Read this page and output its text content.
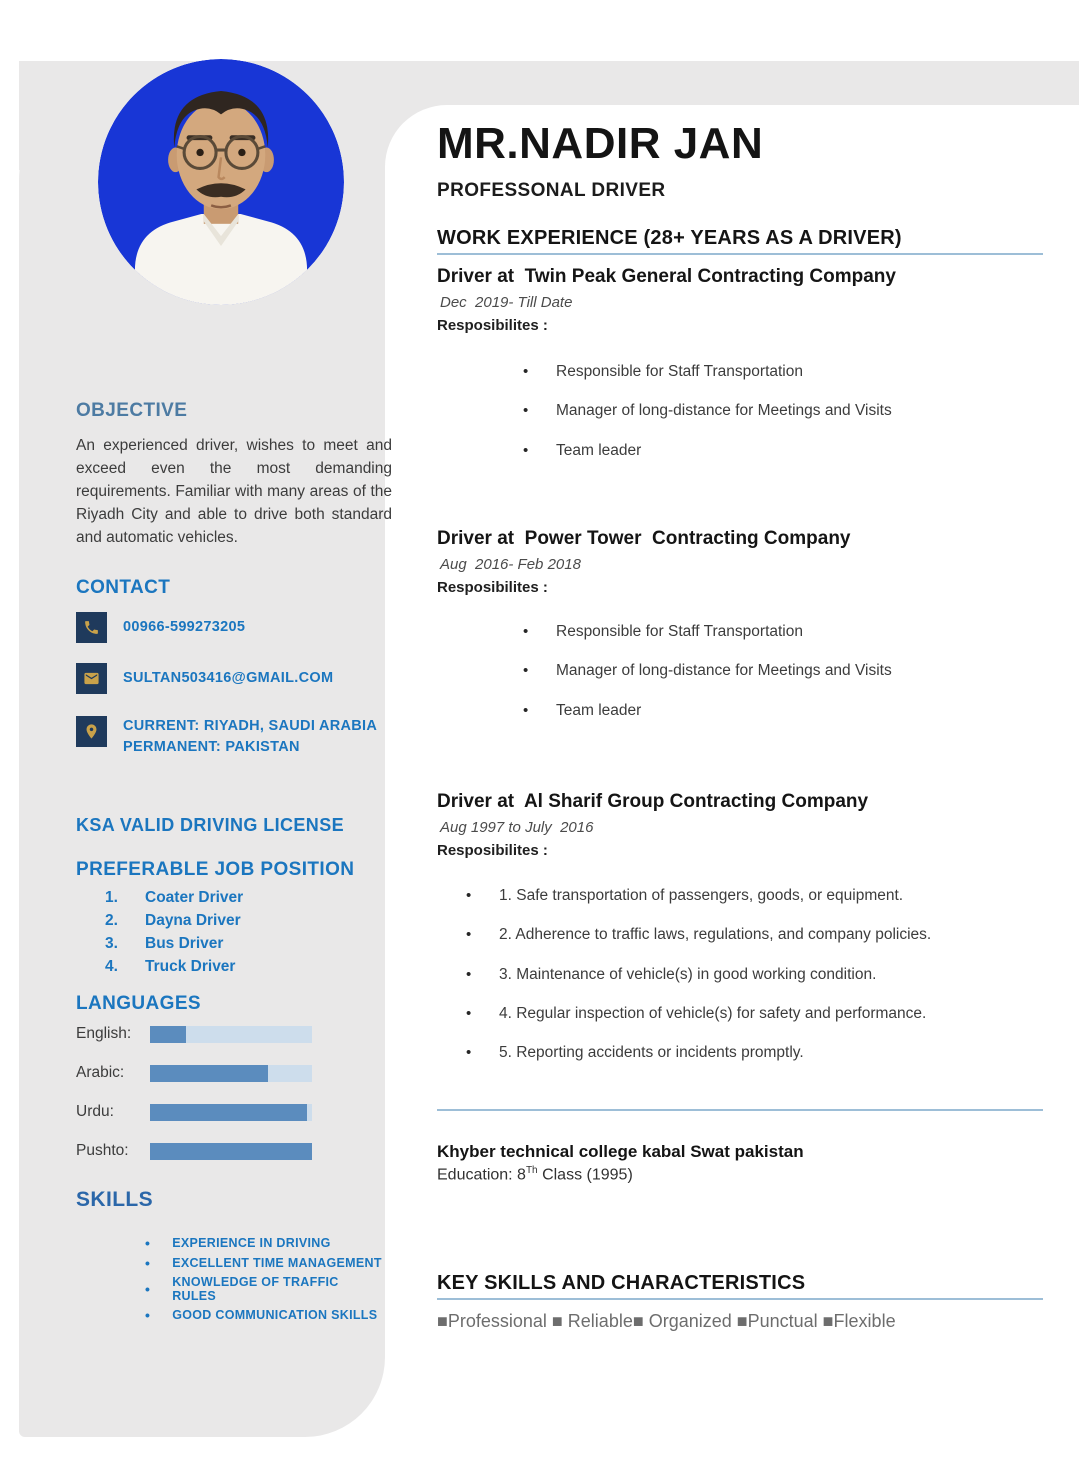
OBJECTIVE

An experienced driver, wishes to meet and exceed even the most demanding requirements. Familiar with many areas of the Riyadh City and able to drive both standard and automatic vehicles.

CONTACT
00966-599273205
SULTAN503416@GMAIL.COM
CURRENT: RIYADH, SAUDI ARABIA
PERMANENT: PAKISTAN
KSA VALID DRIVING LICENSE
PREFERABLE JOB POSITION
Coater Driver
Dayna Driver
Bus Driver
Truck Driver
LANGUAGES
English:
Arabic:
Urdu:
Pushto:
SKILLS
• EXPERIENCE IN DRIVING
• EXCELLENT TIME MANAGEMENT
• KNOWLEDGE OF TRAFFIC RULES
• GOOD COMMUNICATION SKILLS
MR.NADIR JAN
PROFESSONAL DRIVER
WORK EXPERIENCE (28+ YEARS AS A DRIVER)
Driver at  Twin Peak General Contracting Company
Dec  2019- Till Date
Resposibilites :
• Responsible for Staff Transportation
• Manager of long-distance for Meetings and Visits
• Team leader
Driver at  Power Tower  Contracting Company
Aug  2016- Feb 2018
Resposibilites :
• Responsible for Staff Transportation
• Manager of long-distance for Meetings and Visits
• Team leader
Driver at  Al Sharif Group Contracting Company
Aug 1997 to July  2016
Resposibilites :
• 1. Safe transportation of passengers, goods, or equipment.
• 2. Adherence to traffic laws, regulations, and company policies.
• 3. Maintenance of vehicle(s) in good working condition.
• 4. Regular inspection of vehicle(s) for safety and performance.
• 5. Reporting accidents or incidents promptly.
Khyber technical college kabal Swat pakistan
Education: 8Th Class (1995)
KEY SKILLS AND CHARACTERISTICS
■Professional ■ Reliable■ Organized ■Punctual ■Flexible
